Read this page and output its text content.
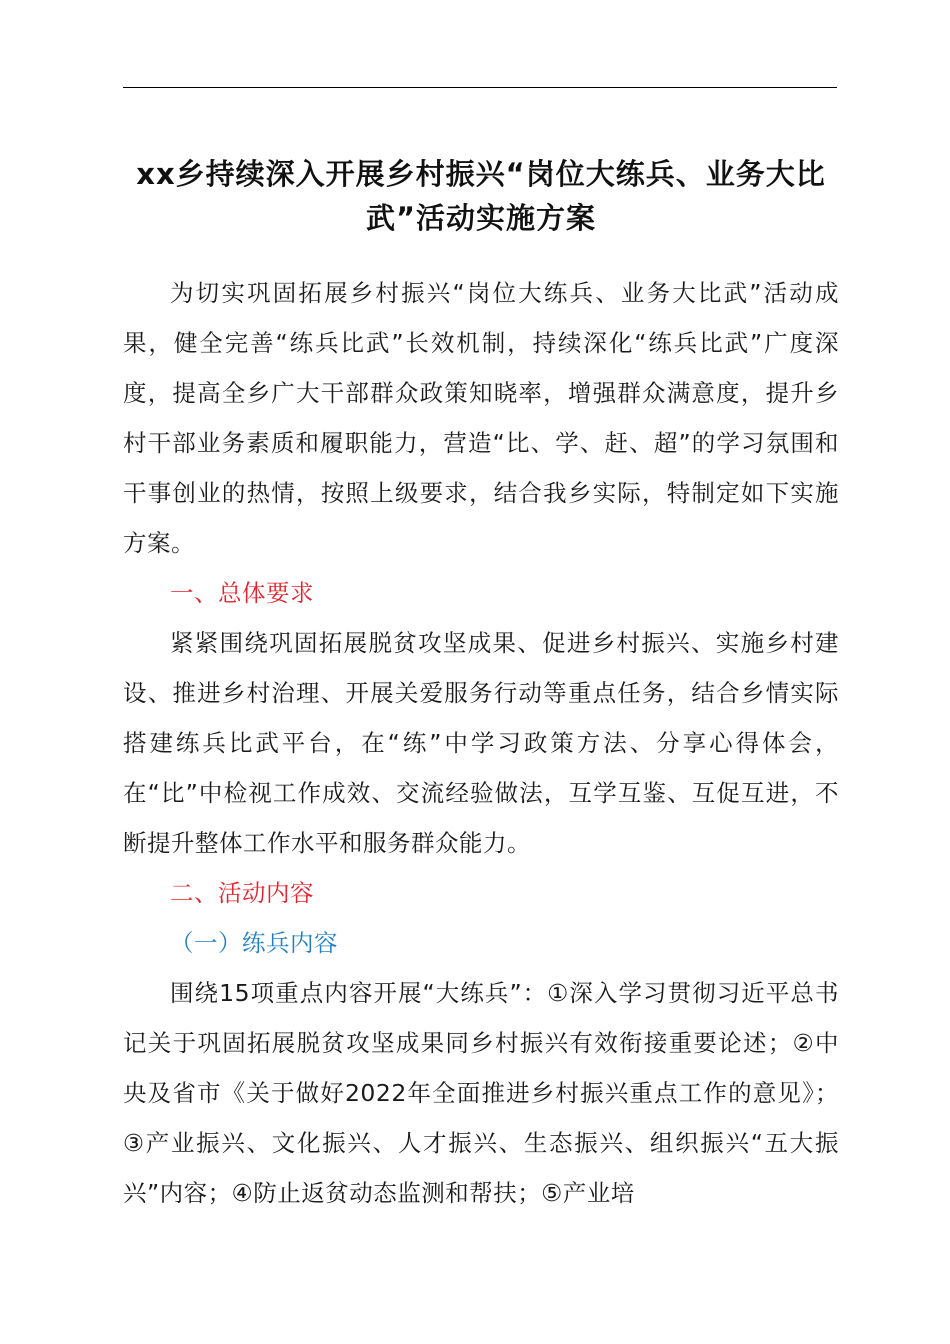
xx乡持续深入开展乡村振兴“岗位大练兵、业务大比武”活动实施方案

为切实巩固拓展乡村振兴“岗位大练兵、业务大比武”活动成果，健全完善“练兵比武”长效机制，持续深化“练兵比武”广度深度，提高全乡广大干部群众政策知晓率，增强群众满意度，提升乡村干部业务素质和履职能力，营造“比、学、赶、超”的学习氛围和干事创业的热情，按照上级要求，结合我乡实际，特制定如下实施方案。

一、总体要求

紧紧围绕巩固拓展脱贫攻坚成果、促进乡村振兴、实施乡村建设、推进乡村治理、开展关爱服务行动等重点任务，结合乡情实际搭建练兵比武平台，在“练”中学习政策方法、分享心得体会，在“比”中检视工作成效、交流经验做法，互学互鉴、互促互进，不断提升整体工作水平和服务群众能力。

二、活动内容

（一）练兵内容

围绕15项重点内容开展“大练兵”：①深入学习贯彻习近平总书记关于巩固拓展脱贫攻坚成果同乡村振兴有效衔接重要论述；②中央及省市《关于做好2022年全面推进乡村振兴重点工作的意见》；③产业振兴、文化振兴、人才振兴、生态振兴、组织振兴“五大振兴”内容；④防止返贫动态监测和帮扶；⑤产业培
